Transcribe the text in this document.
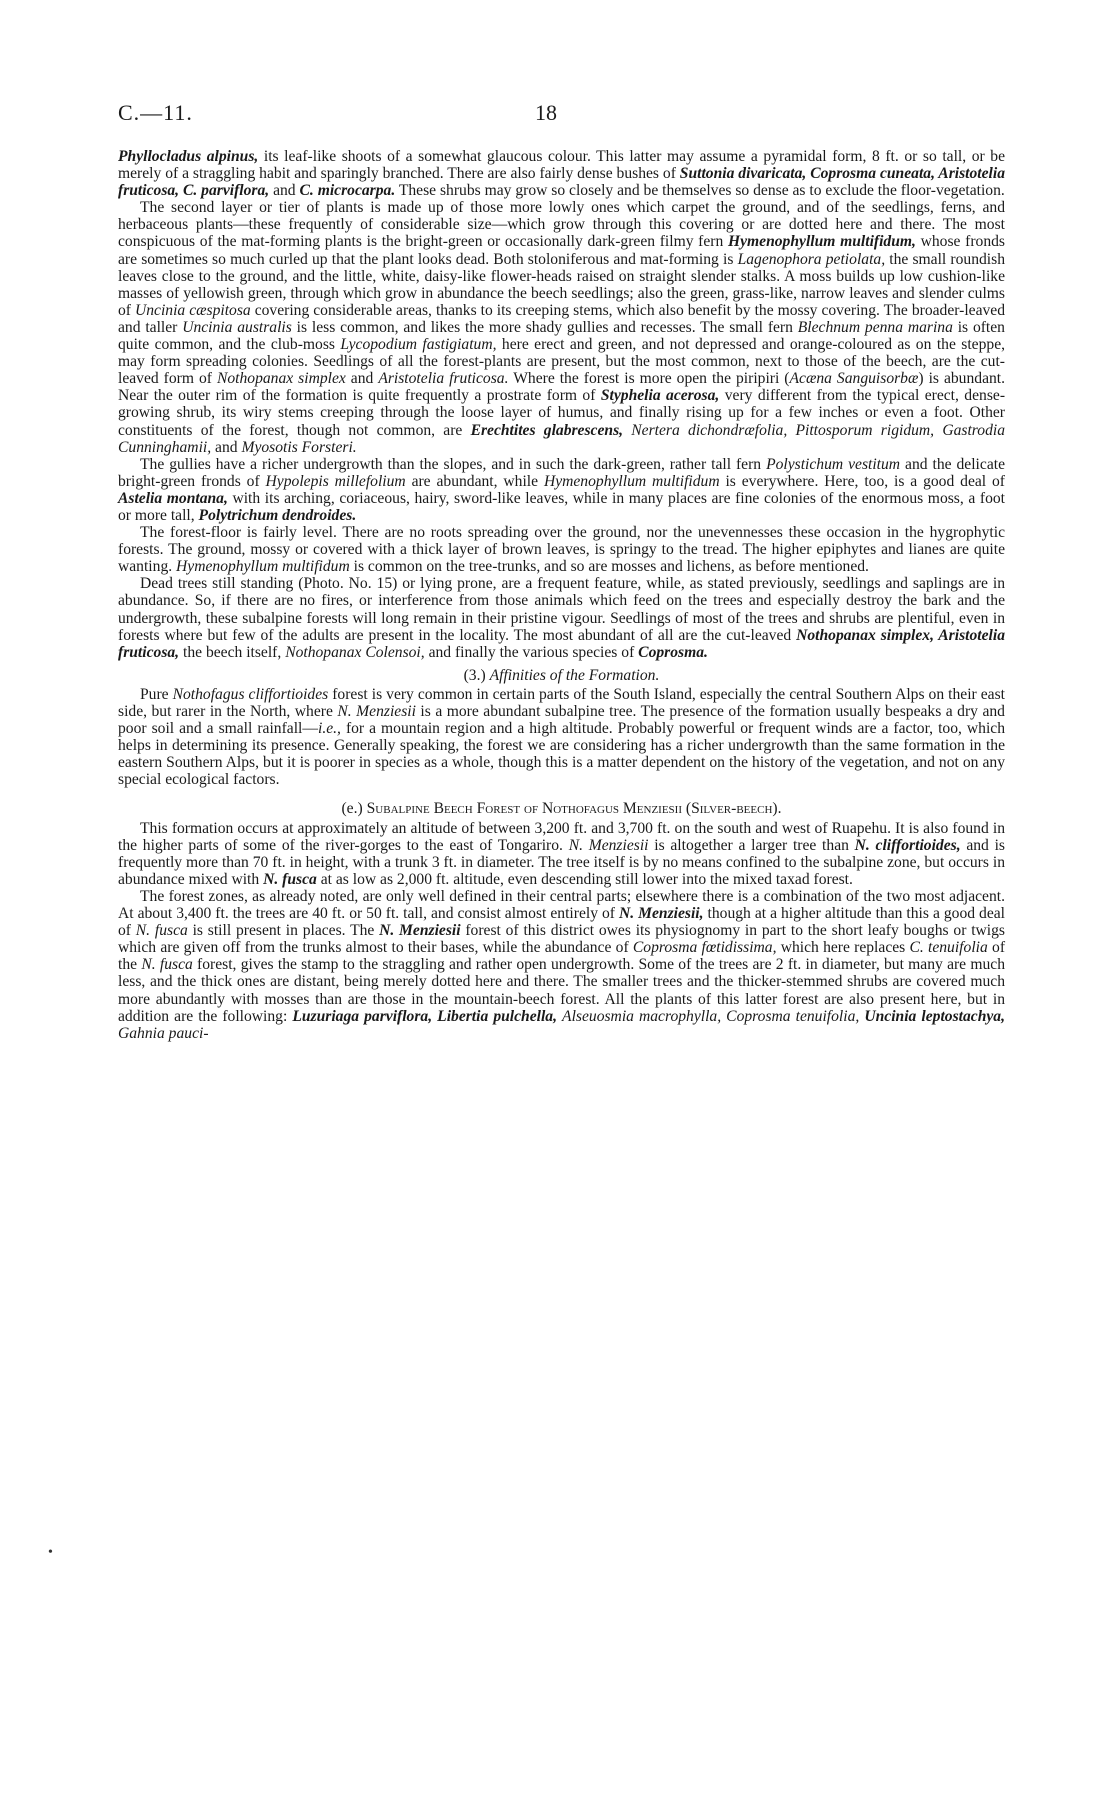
C.—11.	18

Phyllocladus alpinus, its leaf-like shoots of a somewhat glaucous colour. This latter may assume a pyramidal form, 8 ft. or so tall, or be merely of a straggling habit and sparingly branched. There are also fairly dense bushes of Suttonia divaricata, Coprosma cuneata, Aristotelia fruticosa, C. parviflora, and C. microcarpa. These shrubs may grow so closely and be themselves so dense as to exclude the floor-vegetation.

The second layer or tier of plants is made up of those more lowly ones which carpet the ground, and of the seedlings, ferns, and herbaceous plants—these frequently of considerable size—which grow through this covering or are dotted here and there. The most conspicuous of the mat-forming plants is the bright-green or occasionally dark-green filmy fern Hymenophyllum multifidum, whose fronds are sometimes so much curled up that the plant looks dead. Both stoloniferous and mat-forming is Lagenophora petiolata, the small roundish leaves close to the ground, and the little, white, daisy-like flower-heads raised on straight slender stalks. A moss builds up low cushion-like masses of yellowish green, through which grow in abundance the beech seedlings; also the green, grass-like, narrow leaves and slender culms of Uncinia cæspitosa covering considerable areas, thanks to its creeping stems, which also benefit by the mossy covering. The broader-leaved and taller Uncinia australis is less common, and likes the more shady gullies and recesses. The small fern Blechnum penna marina is often quite common, and the club-moss Lycopodium fastigiatum, here erect and green, and not depressed and orange-coloured as on the steppe, may form spreading colonies. Seedlings of all the forest-plants are present, but the most common, next to those of the beech, are the cut-leaved form of Nothopanax simplex and Aristotelia fruticosa. Where the forest is more open the piripiri (Acæna Sanguisorbæ) is abundant. Near the outer rim of the formation is quite frequently a prostrate form of Styphelia acerosa, very different from the typical erect, dense-growing shrub, its wiry stems creeping through the loose layer of humus, and finally rising up for a few inches or even a foot. Other constituents of the forest, though not common, are Erechtites glabrescens, Nertera dichondræfolia, Pittosporum rigidum, Gastrodia Cunninghamii, and Myosotis Forsteri.

The gullies have a richer undergrowth than the slopes, and in such the dark-green, rather tall fern Polystichum vestitum and the delicate bright-green fronds of Hypolepis millefolium are abundant, while Hymenophyllum multifidum is everywhere. Here, too, is a good deal of Astelia montana, with its arching, coriaceous, hairy, sword-like leaves, while in many places are fine colonies of the enormous moss, a foot or more tall, Polytrichum dendroides.

The forest-floor is fairly level. There are no roots spreading over the ground, nor the unevennesses these occasion in the hygrophytic forests. The ground, mossy or covered with a thick layer of brown leaves, is springy to the tread. The higher epiphytes and lianes are quite wanting. Hymenophyllum multifidum is common on the tree-trunks, and so are mosses and lichens, as before mentioned.

Dead trees still standing (Photo. No. 15) or lying prone, are a frequent feature, while, as stated previously, seedlings and saplings are in abundance. So, if there are no fires, or interference from those animals which feed on the trees and especially destroy the bark and the undergrowth, these subalpine forests will long remain in their pristine vigour. Seedlings of most of the trees and shrubs are plentiful, even in forests where but few of the adults are present in the locality. The most abundant of all are the cut-leaved Nothopanax simplex, Aristotelia fruticosa, the beech itself, Nothopanax Colensoi, and finally the various species of Coprosma.

(3.) Affinities of the Formation.

Pure Nothofagus cliffortioides forest is very common in certain parts of the South Island, especially the central Southern Alps on their east side, but rarer in the North, where N. Menziesii is a more abundant subalpine tree. The presence of the formation usually bespeaks a dry and poor soil and a small rainfall—i.e., for a mountain region and a high altitude. Probably powerful or frequent winds are a factor, too, which helps in determining its presence. Generally speaking, the forest we are considering has a richer undergrowth than the same formation in the eastern Southern Alps, but it is poorer in species as a whole, though this is a matter dependent on the history of the vegetation, and not on any special ecological factors.

(e.) Subalpine Beech Forest of Nothofagus Menziesii (Silver-beech).

This formation occurs at approximately an altitude of between 3,200 ft. and 3,700 ft. on the south and west of Ruapehu. It is also found in the higher parts of some of the river-gorges to the east of Tongariro. N. Menziesii is altogether a larger tree than N. cliffortioides, and is frequently more than 70 ft. in height, with a trunk 3 ft. in diameter. The tree itself is by no means confined to the subalpine zone, but occurs in abundance mixed with N. fusca at as low as 2,000 ft. altitude, even descending still lower into the mixed taxad forest.

The forest zones, as already noted, are only well defined in their central parts; elsewhere there is a combination of the two most adjacent. At about 3,400 ft. the trees are 40 ft. or 50 ft. tall, and consist almost entirely of N. Menziesii, though at a higher altitude than this a good deal of N. fusca is still present in places. The N. Menziesii forest of this district owes its physiognomy in part to the short leafy boughs or twigs which are given off from the trunks almost to their bases, while the abundance of Coprosma fœtidissima, which here replaces C. tenuifolia of the N. fusca forest, gives the stamp to the straggling and rather open undergrowth. Some of the trees are 2 ft. in diameter, but many are much less, and the thick ones are distant, being merely dotted here and there. The smaller trees and the thicker-stemmed shrubs are covered much more abundantly with mosses than are those in the mountain-beech forest. All the plants of this latter forest are also present here, but in addition are the following: Luzuriaga parviflora, Libertia pulchella, Alseuosmia macrophylla, Coprosma tenuifolia, Uncinia leptostachya, Gahnia pauci-

•
